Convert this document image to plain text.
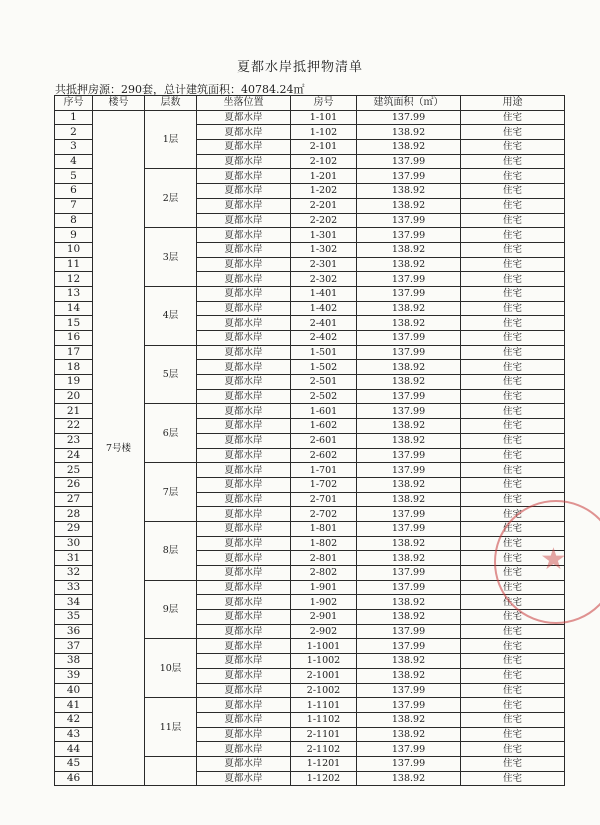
夏都水岸抵押物清单
共抵押房源：290套，总计建筑面积：40784.24㎡
序号	楼号	层数	坐落位置	房号	建筑面积（㎡）	用途
1	7号楼	1层	夏都水岸	1-101	137.99	住宅
2			夏都水岸	1-102	138.92	住宅
3			夏都水岸	2-101	138.92	住宅
4			夏都水岸	2-102	137.99	住宅
5		2层	夏都水岸	1-201	137.99	住宅
6			夏都水岸	1-202	138.92	住宅
7			夏都水岸	2-201	138.92	住宅
8			夏都水岸	2-202	137.99	住宅
9		3层	夏都水岸	1-301	137.99	住宅
10			夏都水岸	1-302	138.92	住宅
11			夏都水岸	2-301	138.92	住宅
12			夏都水岸	2-302	137.99	住宅
13		4层	夏都水岸	1-401	137.99	住宅
14			夏都水岸	1-402	138.92	住宅
15			夏都水岸	2-401	138.92	住宅
16			夏都水岸	2-402	137.99	住宅
17		5层	夏都水岸	1-501	137.99	住宅
18			夏都水岸	1-502	138.92	住宅
19			夏都水岸	2-501	138.92	住宅
20			夏都水岸	2-502	137.99	住宅
21		6层	夏都水岸	1-601	137.99	住宅
22			夏都水岸	1-602	138.92	住宅
23			夏都水岸	2-601	138.92	住宅
24			夏都水岸	2-602	137.99	住宅
25		7层	夏都水岸	1-701	137.99	住宅
26			夏都水岸	1-702	138.92	住宅
27			夏都水岸	2-701	138.92	住宅
28			夏都水岸	2-702	137.99	住宅
29		8层	夏都水岸	1-801	137.99	住宅
30			夏都水岸	1-802	138.92	住宅
31			夏都水岸	2-801	138.92	住宅
32			夏都水岸	2-802	137.99	住宅
33		9层	夏都水岸	1-901	137.99	住宅
34			夏都水岸	1-902	138.92	住宅
35			夏都水岸	2-901	138.92	住宅
36			夏都水岸	2-902	137.99	住宅
37		10层	夏都水岸	1-1001	137.99	住宅
38			夏都水岸	1-1002	138.92	住宅
39			夏都水岸	2-1001	138.92	住宅
40			夏都水岸	2-1002	137.99	住宅
41		11层	夏都水岸	1-1101	137.99	住宅
42			夏都水岸	1-1102	138.92	住宅
43			夏都水岸	2-1101	138.92	住宅
44			夏都水岸	2-1102	137.99	住宅
45			夏都水岸	1-1201	137.99	住宅
46			夏都水岸	1-1202	138.92	住宅
★
